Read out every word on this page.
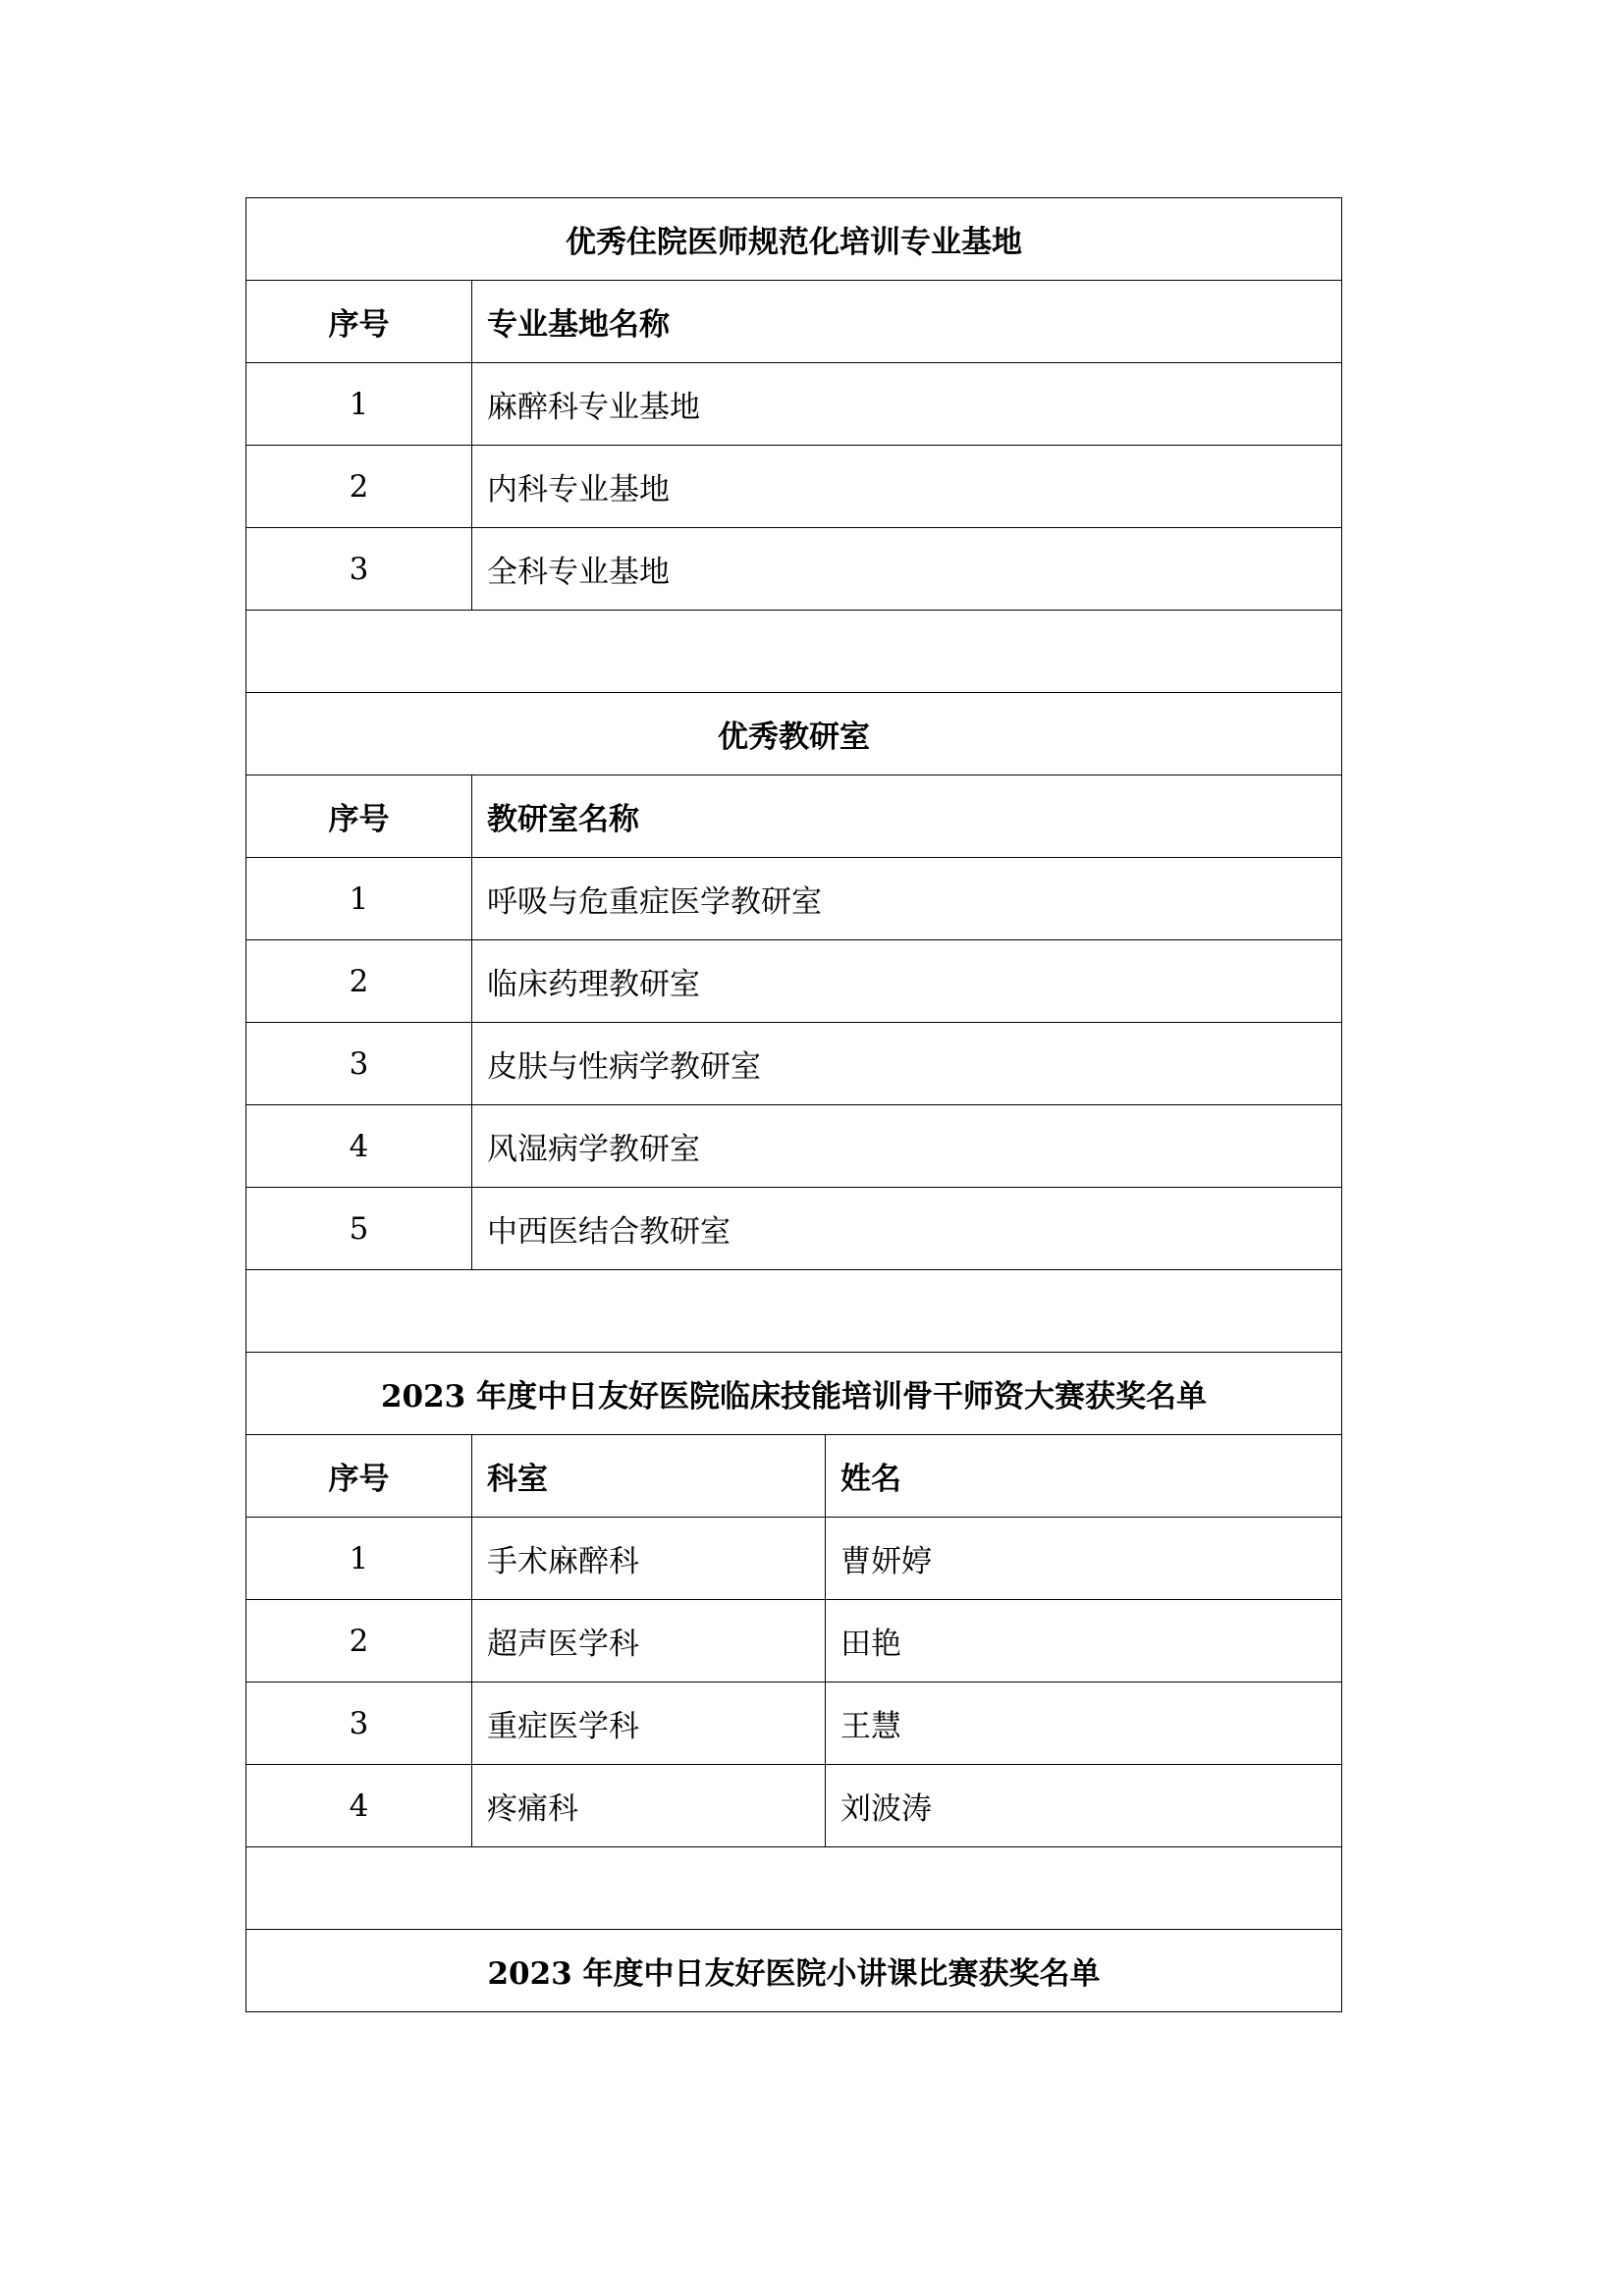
优秀住院医师规范化培训专业基地		
序号	专业基地名称	
1	麻醉科专业基地	
2	内科专业基地	
3	全科专业基地	

优秀教研室		
序号	教研室名称	
1	呼吸与危重症医学教研室	
2	临床药理教研室	
3	皮肤与性病学教研室	
4	风湿病学教研室	
5	中西医结合教研室	

2023 年度中日友好医院临床技能培训骨干师资大赛获奖名单		
序号	科室	姓名
1	手术麻醉科	曹妍婷
2	超声医学科	田艳
3	重症医学科	王慧
4	疼痛科	刘波涛

2023 年度中日友好医院小讲课比赛获奖名单		
